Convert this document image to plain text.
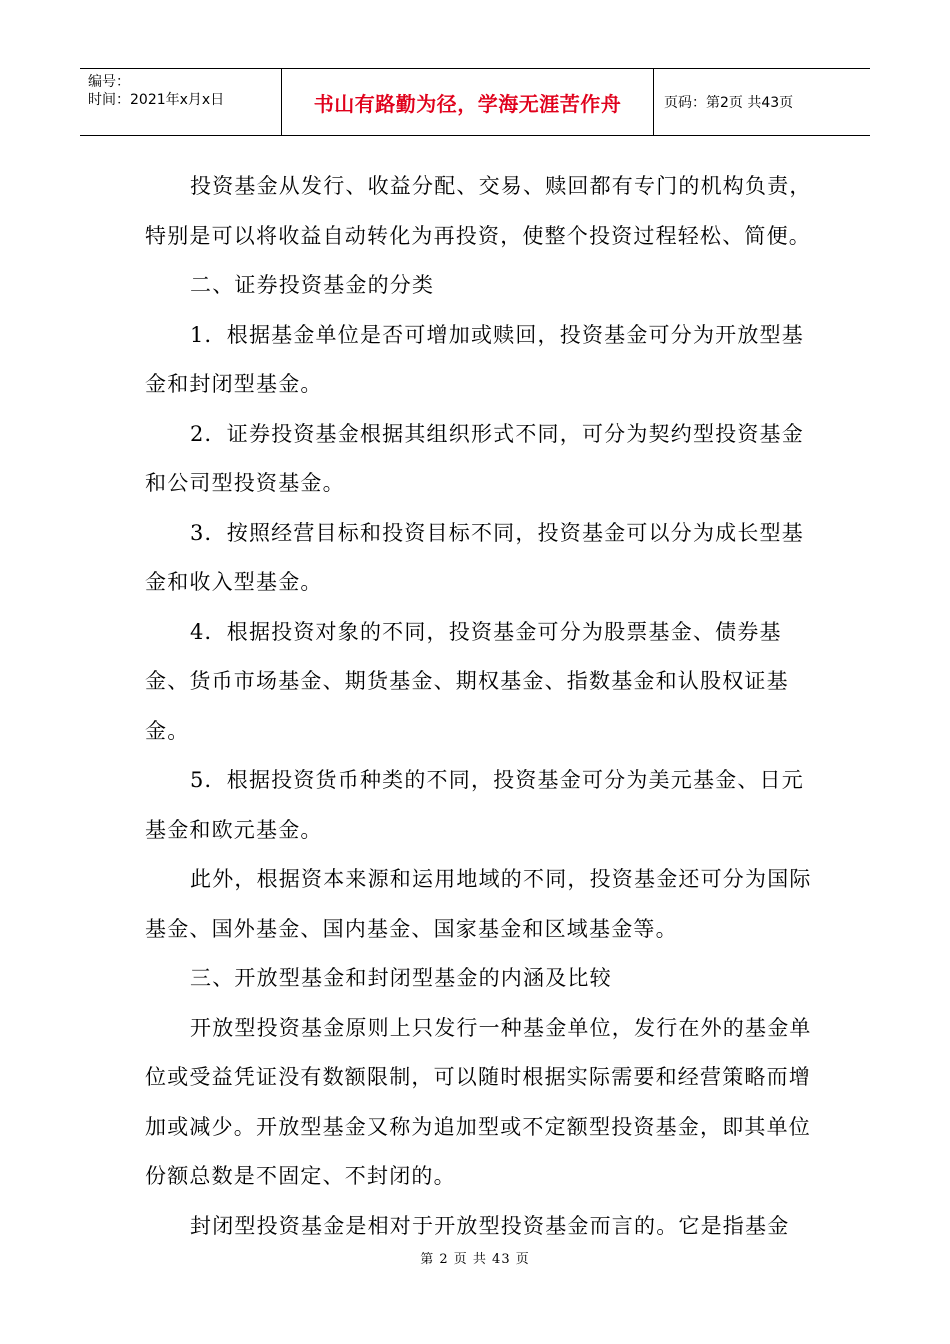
编号：
时间：2021年x月x日	书山有路勤为径，学海无涯苦作舟	页码：第2页 共43页

投资基金从发行、收益分配、交易、赎回都有专门的机构负责，特别是可以将收益自动转化为再投资，使整个投资过程轻松、简便。

二、证券投资基金的分类

1．根据基金单位是否可增加或赎回，投资基金可分为开放型基金和封闭型基金。

2．证券投资基金根据其组织形式不同，可分为契约型投资基金和公司型投资基金。

3．按照经营目标和投资目标不同，投资基金可以分为成长型基金和收入型基金。

4．根据投资对象的不同，投资基金可分为股票基金、债券基金、货币市场基金、期货基金、期权基金、指数基金和认股权证基金。

5．根据投资货币种类的不同，投资基金可分为美元基金、日元基金和欧元基金。

此外，根据资本来源和运用地域的不同，投资基金还可分为国际基金、国外基金、国内基金、国家基金和区域基金等。

三、开放型基金和封闭型基金的内涵及比较

开放型投资基金原则上只发行一种基金单位，发行在外的基金单位或受益凭证没有数额限制，可以随时根据实际需要和经营策略而增加或减少。开放型基金又称为追加型或不定额型投资基金，即其单位份额总数是不固定、不封闭的。

封闭型投资基金是相对于开放型投资基金而言的。它是指基金

第 2 页 共 43 页
